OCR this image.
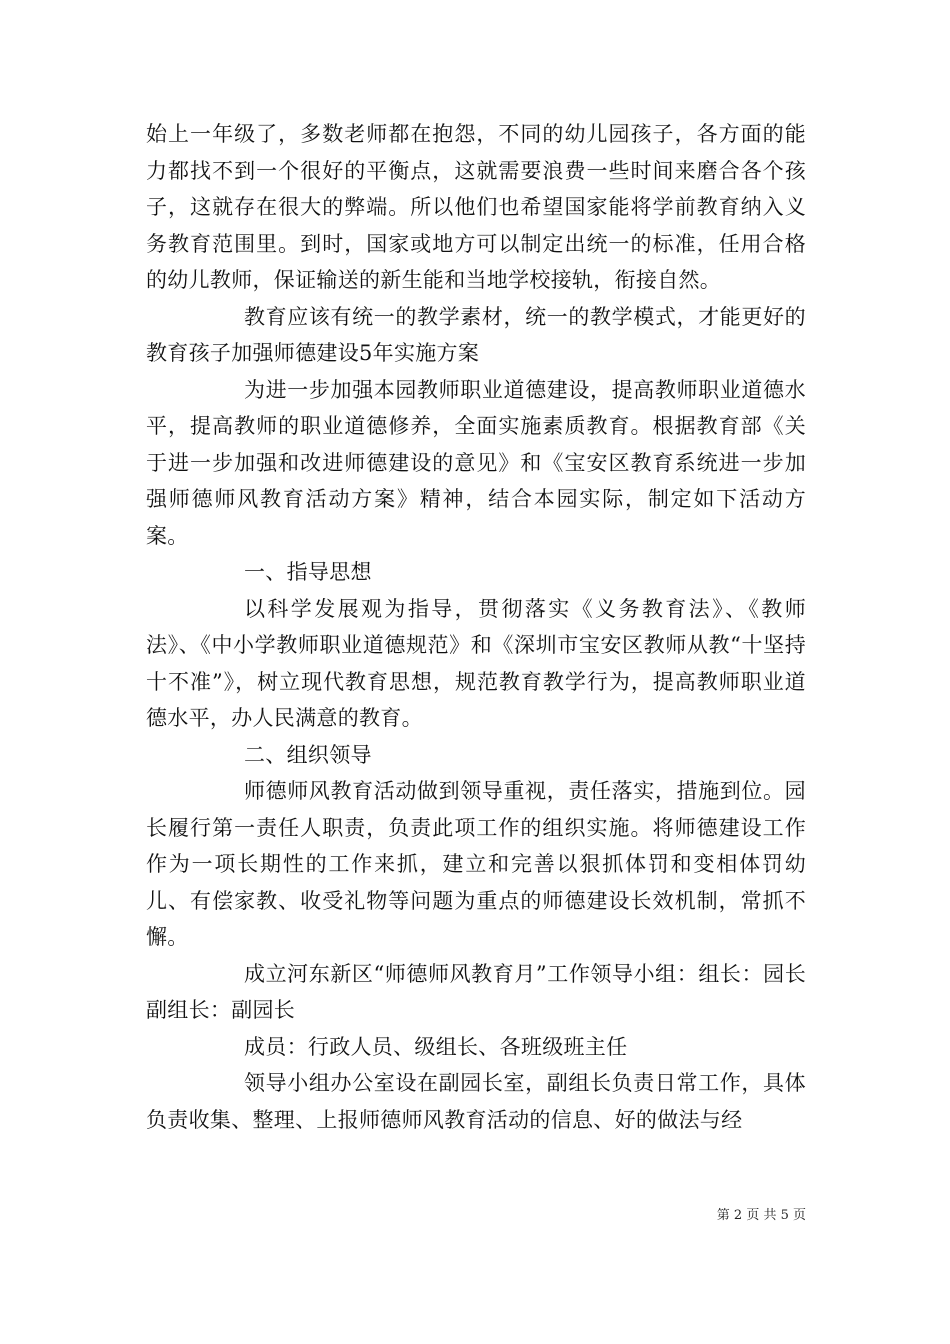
始上一年级了，多数老师都在抱怨，不同的幼儿园孩子，各方面的能力都找不到一个很好的平衡点，这就需要浪费一些时间来磨合各个孩子，这就存在很大的弊端。所以他们也希望国家能将学前教育纳入义务教育范围里。到时，国家或地方可以制定出统一的标准，任用合格的幼儿教师，保证输送的新生能和当地学校接轨，衔接自然。

教育应该有统一的教学素材，统一的教学模式，才能更好的教育孩子加强师德建设5年实施方案

为进一步加强本园教师职业道德建设，提高教师职业道德水平，提高教师的职业道德修养，全面实施素质教育。根据教育部《关于进一步加强和改进师德建设的意见》和《宝安区教育系统进一步加强师德师风教育活动方案》精神，结合本园实际，制定如下活动方案。

一、指导思想

以科学发展观为指导，贯彻落实《义务教育法》、《教师法》、《中小学教师职业道德规范》和《深圳市宝安区教师从教“十坚持十不准”》，树立现代教育思想，规范教育教学行为，提高教师职业道德水平，办人民满意的教育。

二、组织领导

师德师风教育活动做到领导重视，责任落实，措施到位。园长履行第一责任人职责，负责此项工作的组织实施。将师德建设工作作为一项长期性的工作来抓，建立和完善以狠抓体罚和变相体罚幼儿、有偿家教、收受礼物等问题为重点的师德建设长效机制，常抓不懈。

成立河东新区“师德师风教育月”工作领导小组：组长：园长副组长：副园长

成员：行政人员、级组长、各班级班主任

领导小组办公室设在副园长室，副组长负责日常工作，具体负责收集、整理、上报师德师风教育活动的信息、好的做法与经

第 2 页 共 5 页
